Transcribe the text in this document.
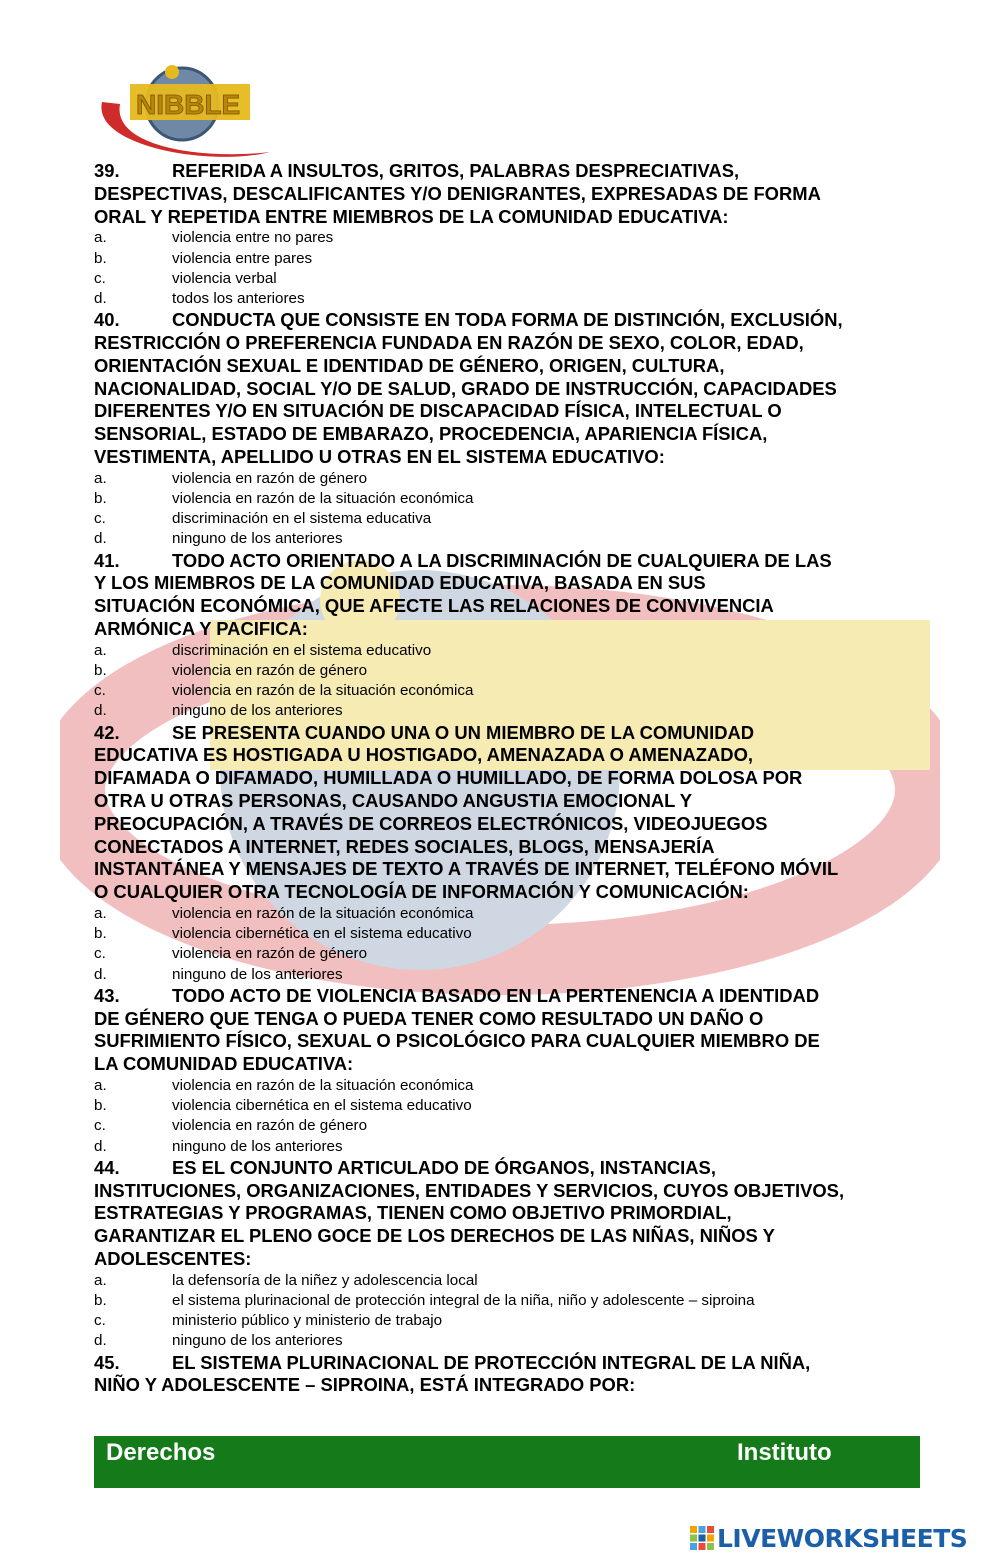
NIBBLE
39.	REFERIDA A INSULTOS, GRITOS, PALABRAS DESPRECIATIVAS,
DESPECTIVAS, DESCALIFICANTES Y/O DENIGRANTES, EXPRESADAS DE FORMA
ORAL Y REPETIDA ENTRE MIEMBROS DE LA COMUNIDAD EDUCATIVA:
a.	violencia entre no pares
b.	violencia entre pares
c.	violencia verbal
d.	todos los anteriores
40.	CONDUCTA QUE CONSISTE EN TODA FORMA DE DISTINCIÓN, EXCLUSIÓN,
RESTRICCIÓN O PREFERENCIA FUNDADA EN RAZÓN DE SEXO, COLOR, EDAD,
ORIENTACIÓN SEXUAL E IDENTIDAD DE GÉNERO, ORIGEN, CULTURA,
NACIONALIDAD, SOCIAL Y/O DE SALUD, GRADO DE INSTRUCCIÓN, CAPACIDADES
DIFERENTES Y/O EN SITUACIÓN DE DISCAPACIDAD FÍSICA, INTELECTUAL O
SENSORIAL, ESTADO DE EMBARAZO, PROCEDENCIA, APARIENCIA FÍSICA,
VESTIMENTA, APELLIDO U OTRAS EN EL SISTEMA EDUCATIVO:
a.	violencia en razón de género
b.	violencia en razón de la situación económica
c.	discriminación en el sistema educativa
d.	ninguno de los anteriores
41.	TODO ACTO ORIENTADO A LA DISCRIMINACIÓN DE CUALQUIERA DE LAS
Y LOS MIEMBROS DE LA COMUNIDAD EDUCATIVA, BASADA EN SUS
SITUACIÓN ECONÓMICA, QUE AFECTE LAS RELACIONES DE CONVIVENCIA
ARMÓNICA Y PACIFICA:
a.	discriminación en el sistema educativo
b.	violencia en razón de género
c.	violencia en razón de la situación económica
d.	ninguno de los anteriores
42.	SE PRESENTA CUANDO UNA O UN MIEMBRO DE LA COMUNIDAD
EDUCATIVA ES HOSTIGADA U HOSTIGADO, AMENAZADA O AMENAZADO,
DIFAMADA O DIFAMADO, HUMILLADA O HUMILLADO, DE FORMA DOLOSA POR
OTRA U OTRAS PERSONAS, CAUSANDO ANGUSTIA EMOCIONAL Y
PREOCUPACIÓN, A TRAVÉS DE CORREOS ELECTRÓNICOS, VIDEOJUEGOS
CONECTADOS A INTERNET, REDES SOCIALES, BLOGS, MENSAJERÍA
INSTANTÁNEA Y MENSAJES DE TEXTO A TRAVÉS DE INTERNET, TELÉFONO MÓVIL
O CUALQUIER OTRA TECNOLOGÍA DE INFORMACIÓN Y COMUNICACIÓN:
a.	violencia en razón de la situación económica
b.	violencia cibernética en el sistema educativo
c.	violencia en razón de género
d.	ninguno de los anteriores
43.	TODO ACTO DE VIOLENCIA BASADO EN LA PERTENENCIA A IDENTIDAD
DE GÉNERO QUE TENGA O PUEDA TENER COMO RESULTADO UN DAÑO O
SUFRIMIENTO FÍSICO, SEXUAL O PSICOLÓGICO PARA CUALQUIER MIEMBRO DE
LA COMUNIDAD EDUCATIVA:
a.	violencia en razón de la situación económica
b.	violencia cibernética en el sistema educativo
c.	violencia en razón de género
d.	ninguno de los anteriores
44.	ES EL CONJUNTO ARTICULADO DE ÓRGANOS, INSTANCIAS,
INSTITUCIONES, ORGANIZACIONES, ENTIDADES Y SERVICIOS, CUYOS OBJETIVOS,
ESTRATEGIAS Y PROGRAMAS, TIENEN COMO OBJETIVO PRIMORDIAL,
GARANTIZAR EL PLENO GOCE DE LOS DERECHOS DE LAS NIÑAS, NIÑOS Y
ADOLESCENTES:
a.	la defensoría de la niñez y adolescencia local
b.	el sistema plurinacional de protección integral de la niña, niño y adolescente – siproina
c.	ministerio público y ministerio de trabajo
d.	ninguno de los anteriores
45.	EL SISTEMA PLURINACIONAL DE PROTECCIÓN INTEGRAL DE LA NIÑA,
NIÑO Y ADOLESCENTE – SIPROINA, ESTÁ INTEGRADO POR:
Derechos	Instituto
LIVEWORKSHEETS
